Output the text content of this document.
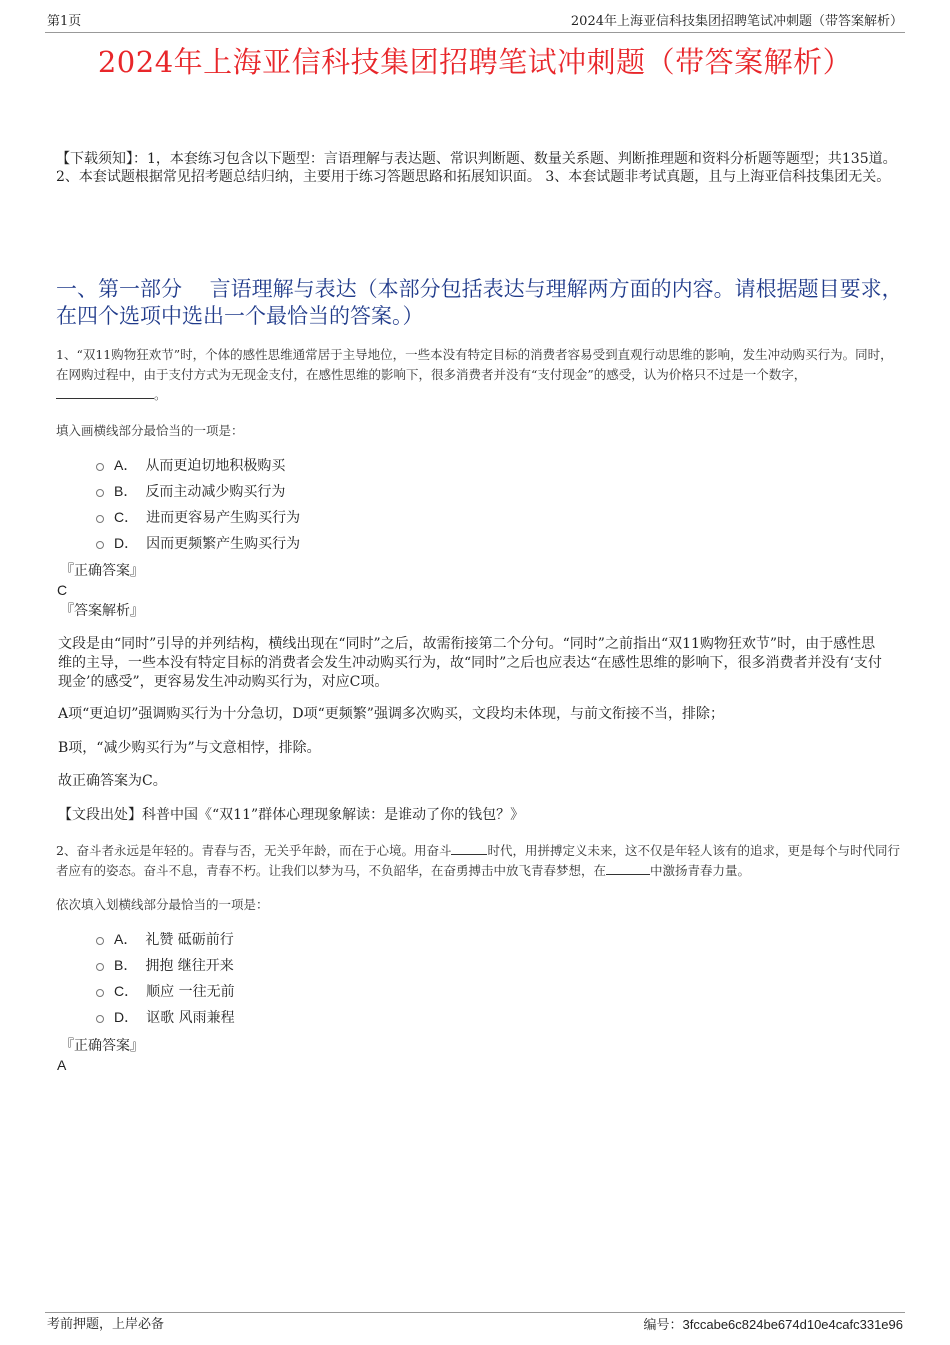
第1页	2024年上海亚信科技集团招聘笔试冲刺题（带答案解析）
2024年上海亚信科技集团招聘笔试冲刺题（带答案解析）
【下载须知】：1，本套练习包含以下题型：言语理解与表达题、常识判断题、数量关系题、判断推理题和资料分析题等题型；共135道。 2、本套试题根据常见招考题总结归纳，主要用于练习答题思路和拓展知识面。 3、本套试题非考试真题，且与上海亚信科技集团无关。
一、第一部分　 言语理解与表达（本部分包括表达与理解两方面的内容。请根据题目要求，在四个选项中选出一个最恰当的答案。）
1、“双11购物狂欢节”时，个体的感性思维通常居于主导地位，一些本没有特定目标的消费者容易受到直观行动思维的影响，发生冲动购买行为。同时，在网购过程中，由于支付方式为无现金支付，在感性思维的影响下，很多消费者并没有“支付现金”的感受，认为价格只不过是一个数字，。
填入画横线部分最恰当的一项是：
A． 从而更迫切地积极购买
B． 反而主动减少购买行为
C． 进而更容易产生购买行为
D． 因而更频繁产生购买行为
『正确答案』
C
『答案解析』
文段是由“同时”引导的并列结构，横线出现在“同时”之后，故需衔接第二个分句。“同时”之前指出“双11购物狂欢节”时，由于感性思维的主导，一些本没有特定目标的消费者会发生冲动购买行为，故“同时”之后也应表达“在感性思维的影响下，很多消费者并没有‘支付现金’的感受”，更容易发生冲动购买行为，对应C项。
A项“更迫切”强调购买行为十分急切，D项“更频繁”强调多次购买，文段均未体现，与前文衔接不当，排除；
B项，“减少购买行为”与文意相悖，排除。
故正确答案为C。
【文段出处】科普中国《“双11”群体心理现象解读：是谁动了你的钱包？》
2、奋斗者永远是年轻的。青春与否，无关乎年龄，而在于心境。用奋斗	时代，用拼搏定义未来，这不仅是年轻人该有的追求，更是每个与时代同行者应有的姿态。奋斗不息，青春不朽。让我们以梦为马，不负韶华，在奋勇搏击中放飞青春梦想，在	中激扬青春力量。
依次填入划横线部分最恰当的一项是：
A． 礼赞 砥砺前行
B． 拥抱 继往开来
C． 顺应 一往无前
D． 讴歌 风雨兼程
『正确答案』
A
考前押题，上岸必备	编号：3fccabe6c824be674d10e4cafc331e96
